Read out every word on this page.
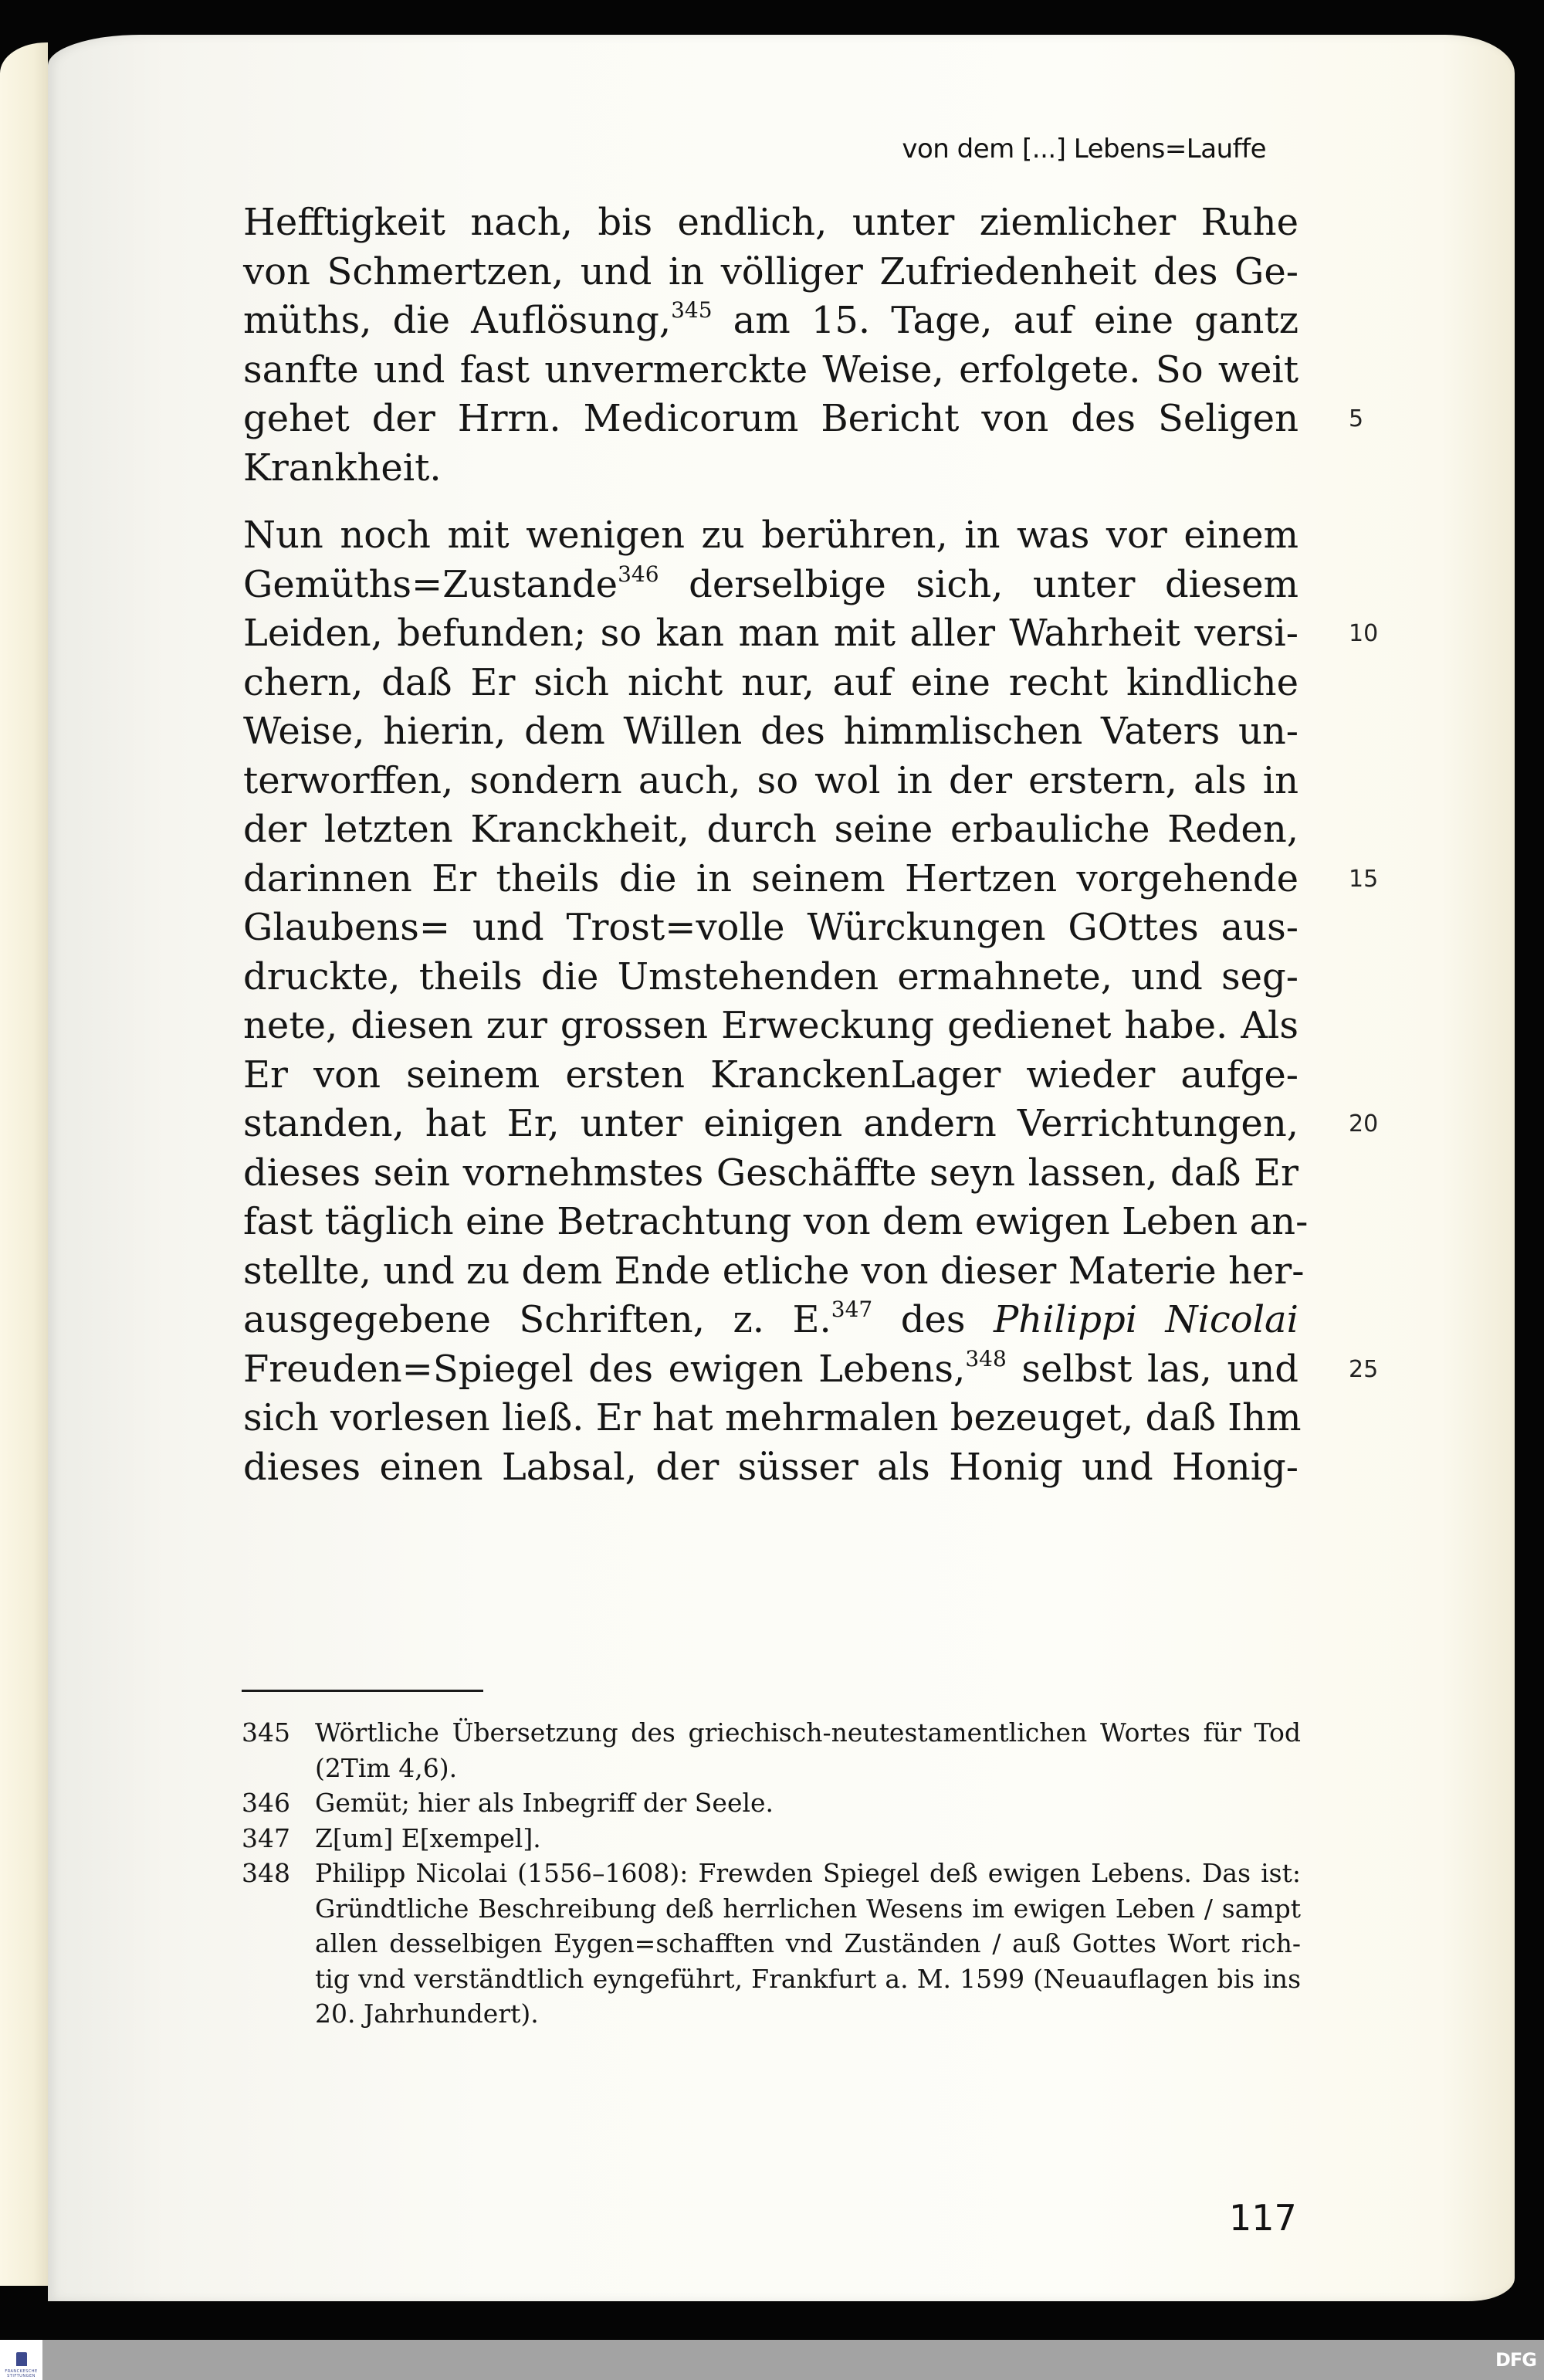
von dem [...] Lebens=Lauffe
Hefftigkeit nach, bis endlich, unter ziemlicher Ruhe
von Schmertzen, und in völliger Zufriedenheit des Ge-
müths, die Auflösung,$^{345}$ am 15. Tage, auf eine gantz
sanfte und fast unvermerckte Weise, erfolgete. So weit
gehet der Hrrn. Medicorum Bericht von des Seligen 5
Krankheit.
Nun noch mit wenigen zu berühren, in was vor einem
Gemüths=Zustande$^{346}$ derselbige sich, unter diesem
Leiden, befunden; so kan man mit aller Wahrheit versi- 10
chern, daß Er sich nicht nur, auf eine recht kindliche
Weise, hierin, dem Willen des himmlischen Vaters un-
terworffen, sondern auch, so wol in der erstern, als in
der letzten Kranckheit, durch seine erbauliche Reden,
darinnen Er theils die in seinem Hertzen vorgehende 15
Glaubens= und Trost=volle Würckungen GOttes aus-
druckte, theils die Umstehenden ermahnete, und seg-
nete, diesen zur grossen Erweckung gedienet habe. Als
Er von seinem ersten KranckenLager wieder aufge-
standen, hat Er, unter einigen andern Verrichtungen, 20
dieses sein vornehmstes Geschäffte seyn lassen, daß Er
fast täglich eine Betrachtung von dem ewigen Leben an-
stellte, und zu dem Ende etliche von dieser Materie her-
ausgegebene Schriften, z. E.$^{347}$ des Philippi Nicolai
Freuden=Spiegel des ewigen Lebens,$^{348}$ selbst las, und 25
sich vorlesen ließ. Er hat mehrmalen bezeuget, daß Ihm
dieses einen Labsal, der süsser als Honig und Honig-
345 Wörtliche Übersetzung des griechisch-neutestamentlichen Wortes für Tod
(2Tim 4,6).
346 Gemüt; hier als Inbegriff der Seele.
347 Z[um] E[xempel].
348 Philipp Nicolai (1556–1608): Frewden Spiegel deß ewigen Lebens. Das ist:
Gründtliche Beschreibung deß herrlichen Wesens im ewigen Leben / sampt
allen desselbigen Eygen=schafften vnd Zuständen / auß Gottes Wort rich-
tig vnd verständtlich eyngeführt, Frankfurt a. M. 1599 (Neuauflagen bis ins
20. Jahrhundert).
117
FRANCKESCHE
STIFTUNGEN
DFG
